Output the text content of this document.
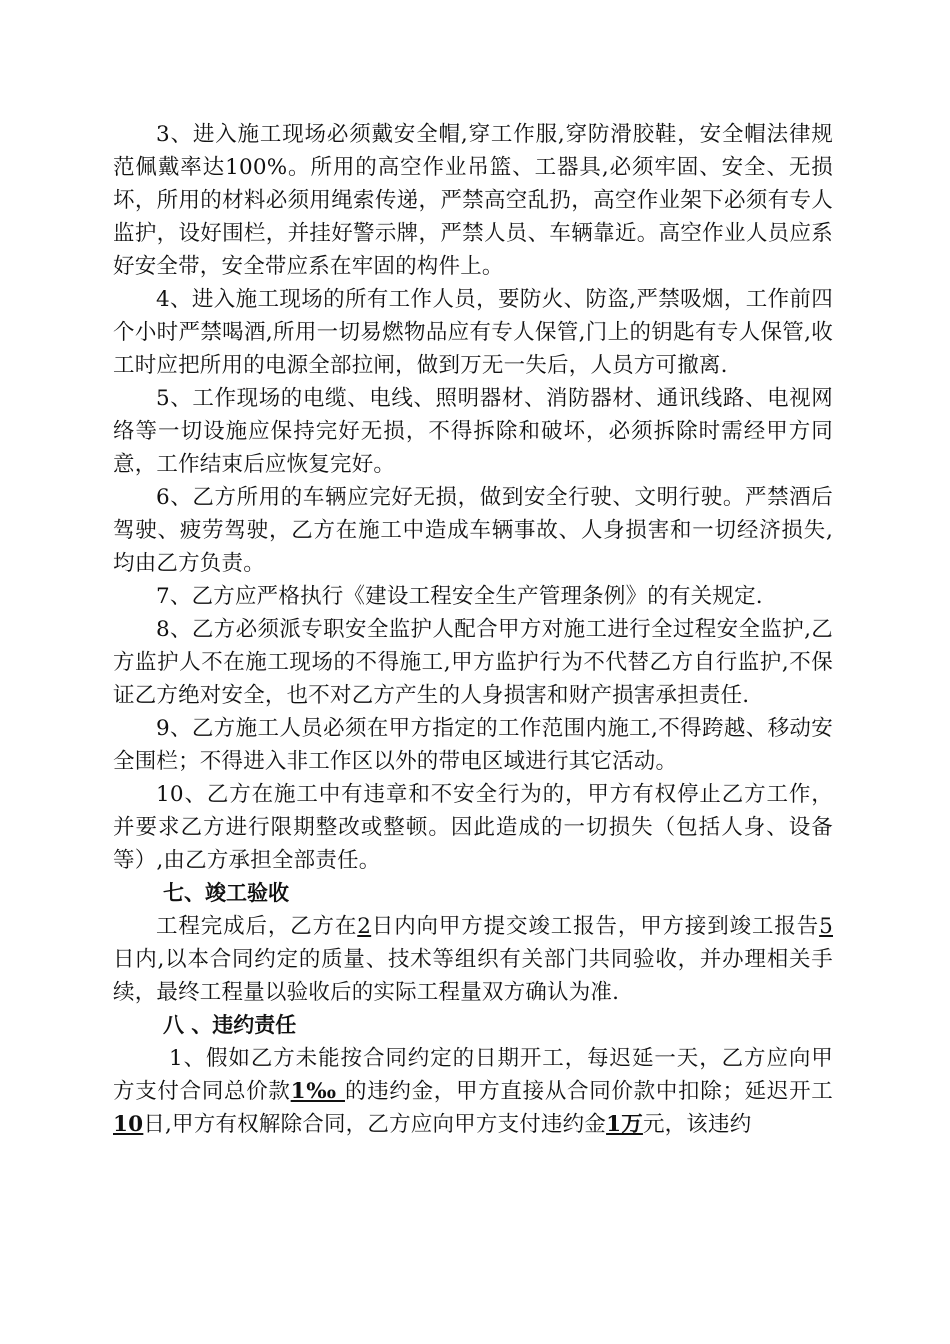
3、进入施工现场必须戴安全帽,穿工作服,穿防滑胶鞋，安全帽法律规范佩戴率达100%。所用的高空作业吊篮、工器具,必须牢固、安全、无损坏，所用的材料必须用绳索传递，严禁高空乱扔，高空作业架下必须有专人监护，设好围栏，并挂好警示牌，严禁人员、车辆靠近。高空作业人员应系好安全带，安全带应系在牢固的构件上。

4、进入施工现场的所有工作人员，要防火、防盗,严禁吸烟，工作前四个小时严禁喝酒,所用一切易燃物品应有专人保管,门上的钥匙有专人保管,收工时应把所用的电源全部拉闸，做到万无一失后，人员方可撤离.

5、工作现场的电缆、电线、照明器材、消防器材、通讯线路、电视网络等一切设施应保持完好无损，不得拆除和破坏，必须拆除时需经甲方同意，工作结束后应恢复完好。

6、乙方所用的车辆应完好无损，做到安全行驶、文明行驶。严禁酒后驾驶、疲劳驾驶，乙方在施工中造成车辆事故、人身损害和一切经济损失,均由乙方负责。

7、乙方应严格执行《建设工程安全生产管理条例》的有关规定.

8、乙方必须派专职安全监护人配合甲方对施工进行全过程安全监护,乙方监护人不在施工现场的不得施工,甲方监护行为不代替乙方自行监护,不保证乙方绝对安全，也不对乙方产生的人身损害和财产损害承担责任.

9、乙方施工人员必须在甲方指定的工作范围内施工,不得跨越、移动安全围栏；不得进入非工作区以外的带电区域进行其它活动。

10、乙方在施工中有违章和不安全行为的，甲方有权停止乙方工作，并要求乙方进行限期整改或整顿。因此造成的一切损失（包括人身、设备等）,由乙方承担全部责任。

七、竣工验收

工程完成后，乙方在2日内向甲方提交竣工报告，甲方接到竣工报告5日内,以本合同约定的质量、技术等组织有关部门共同验收，并办理相关手续，最终工程量以验收后的实际工程量双方确认为准.

八 、违约责任

1、假如乙方未能按合同约定的日期开工，每迟延一天，乙方应向甲方支付合同总价款1‰ 的违约金，甲方直接从合同价款中扣除；延迟开工10日,甲方有权解除合同，乙方应向甲方支付违约金1万元，该违约
